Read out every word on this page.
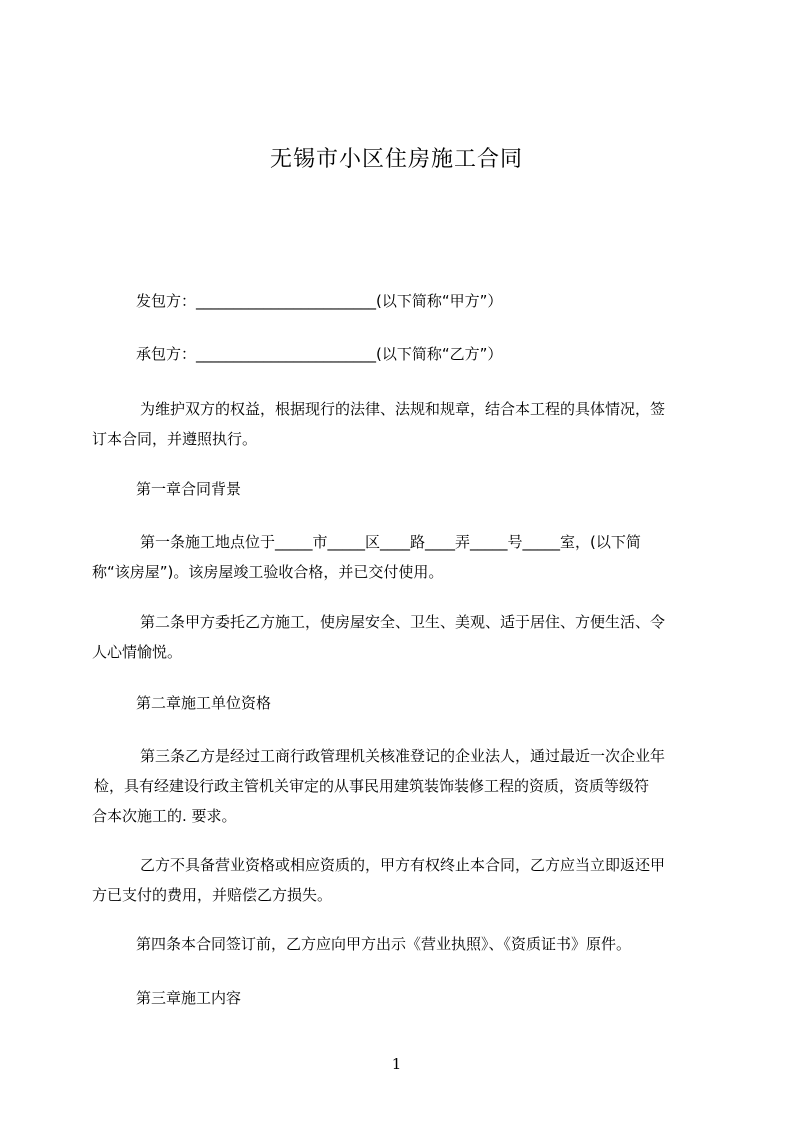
无锡市小区住房施工合同
发包方：________________________(以下简称“甲方”）
承包方：________________________(以下简称“乙方”）
为维护双方的权益，根据现行的法律、法规和规章，结合本工程的具体情况，签
订本合同，并遵照执行。
第一章合同背景
第一条施工地点位于_____市_____区____路____弄_____号_____室，(以下简
称“该房屋”)。该房屋竣工验收合格，并已交付使用。
第二条甲方委托乙方施工，使房屋安全、卫生、美观、适于居住、方便生活、令
人心情愉悦。
第二章施工单位资格
第三条乙方是经过工商行政管理机关核准登记的企业法人，通过最近一次企业年
检，具有经建设行政主管机关审定的从事民用建筑装饰装修工程的资质，资质等级符
合本次施工的. 要求。
乙方不具备营业资格或相应资质的，甲方有权终止本合同，乙方应当立即返还甲
方已支付的费用，并赔偿乙方损失。
第四条本合同签订前，乙方应向甲方出示《营业执照》、《资质证书》原件。
第三章施工内容
1
